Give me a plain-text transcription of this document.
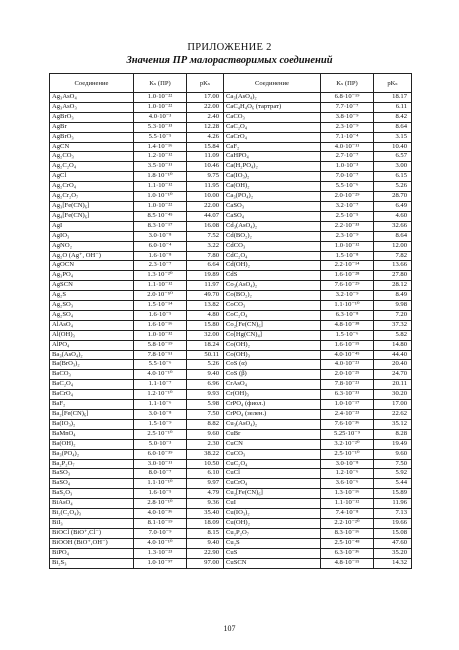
ПРИЛОЖЕНИЕ 2
Значения ПР малорастворимых соединений
Соединение	Kₛ (ПР)	pKₛ	Соединение	Kₛ (ПР)	pKₛ
Ag₃AsO₄	1.0·10⁻²²	17.00	Ca₃(AsO₄)₂	6.8·10⁻¹⁹	18.17
Ag₃AsO₃	1.0·10⁻²²	22.00	CaC₄H₄O₆ (тартрат)	7.7·10⁻⁷	6.11
AgBrO₃	4.0·10⁻³	2.40	CaCO₃	3.8·10⁻⁹	8.42
AgBr	5.3·10⁻¹³	12.28	CaC₂O₄	2.3·10⁻⁹	8.64
AgBrO₃	5.5·10⁻⁵	4.26	CaCrO₄	7.1·10⁻⁴	3.15
AgCN	1.4·10⁻¹⁶	15.84	CaF₂	4.0·10⁻¹¹	10.40
Ag₂CO₃	1.2·10⁻¹²	11.09	CaHPO₄	2.7·10⁻⁷	6.57
Ag₂C₂O₄	3.5·10⁻¹¹	10.46	Ca(H₂PO₄)₂	1.0·10⁻³	3.00
AgCl	1.8·10⁻¹⁰	9.75	Ca(IO₃)₂	7.0·10⁻⁷	6.15
Ag₂CrO₄	1.1·10⁻¹²	11.95	Ca(OH)₂	5.5·10⁻⁶	5.26
Ag₂Cr₂O₇	1.0·10⁻¹⁰	10.00	Ca₃(PO₄)₂	2.0·10⁻²⁹	28.70
Ag₃[Fe(CN)₆]	1.0·10⁻²²	22.00	CaSO₃	3.2·10⁻⁷	6.49
Ag₄[Fe(CN)₆]	8.5·10⁻⁴⁵	44.07	CaSO₄	2.5·10⁻⁵	4.60
AgI	8.3·10⁻¹⁷	16.08	Cd₃(AsO₄)₂	2.2·10⁻³³	32.66
AgIO₃	3.0·10⁻⁸	7.52	Cd(BO₂)₂	2.3·10⁻⁹	8.64
AgNO₂	6.0·10⁻⁴	3.22	CdCO₃	1.0·10⁻¹²	12.00
Ag₂O (Ag⁺, OH⁻)	1.6·10⁻⁸	7.80	CdC₂O₄	1.5·10⁻⁸	7.82
AgOCN	2.3·10⁻⁷	6.64	Cd(OH)₂	2.2·10⁻¹⁴	13.66
Ag₃PO₄	1.3·10⁻²⁰	19.89	CdS	1.6·10⁻²⁸	27.80
AgSCN	1.1·10⁻¹²	11.97	Co₃(AsO₄)₂	7.6·10⁻²⁹	28.12
Ag₂S	2.0·10⁻⁵⁰	49.70	Co(BO₂)₂	3.2·10⁻⁹	8.49
Ag₂SO₃	1.5·10⁻¹⁴	13.82	CoCO₃	1.1·10⁻¹⁰	9.98
Ag₂SO₄	1.6·10⁻⁵	4.80	CoC₂O₄	6.3·10⁻⁸	7.20
AlAsO₄	1.6·10⁻¹⁶	15.80	Co₂[Fe(CN)₆]	4.8·10⁻³⁸	37.32
Al(OH)₃	1.0·10⁻³²	32.00	Co[Hg(CN)₄]	1.5·10⁻⁶	5.82
AlPO₄	5.8·10⁻¹⁹	18.24	Co(OH)₂	1.6·10⁻¹⁵	14.80
Ba₃(AsO₄)₂	7.8·10⁻⁵¹	50.11	Co(OH)₃	4.0·10⁻⁴⁵	44.40
Ba(BrO₃)₂	5.5·10⁻⁶	5.26	CoS (α)	4.0·10⁻²¹	20.40
BaCO₃	4.0·10⁻¹⁰	9.40	CoS (β)	2.0·10⁻²⁵	24.70
BaC₂O₄	1.1·10⁻⁷	6.96	CrAsO₄	7.8·10⁻²¹	20.11
BaCrO₄	1.2·10⁻¹⁰	9.93	Cr(OH)₃	6.3·10⁻³¹	30.20
BaF₂	1.1·10⁻⁶	5.98	CrPO₄ (фиол.)	1.0·10⁻¹⁷	17.00
Ba₂[Fe(CN)₆]	3.0·10⁻⁸	7.50	CrPO₄ (зелен.)	2.4·10⁻²³	22.62
Ba(IO₃)₂	1.5·10⁻⁹	8.82	Cu₃(AsO₄)₂	7.6·10⁻³⁶	35.12
BaMnO₄	2.5·10⁻¹⁰	9.60	CuBr	5.25·10⁻⁹	8.28
Ba(OH)₂	5.0·10⁻³	2.30	CuCN	3.2·10⁻²⁰	19.49
Ba₃(PO₄)₂	6.0·10⁻³⁹	38.22	CuCO₃	2.5·10⁻¹⁰	9.60
Ba₂P₂O₇	3.0·10⁻¹¹	10.50	CuC₂O₄	3.0·10⁻⁸	7.50
BaSO₃	8.0·10⁻⁷	6.10	CuCl	1.2·10⁻⁶	5.92
BaSO₄	1.1·10⁻¹⁰	9.97	CuCrO₄	3.6·10⁻⁶	5.44
BaS₂O₃	1.6·10⁻⁵	4.79	Cu₂[Fe(CN)₆]	1.3·10⁻¹⁶	15.89
BiAsO₄	2.8·10⁻¹⁰	9.36	CuI	1.1·10⁻¹²	11.96
Bi₂(C₂O₄)₃	4.0·10⁻³⁶	35.40	Cu(IO₃)₂	7.4·10⁻⁸	7.13
BiI₃	8.1·10⁻¹⁹	18.09	Cu(OH)₂	2.2·10⁻²⁰	19.66
BiOCl (BiO⁺,Cl⁻)	7.0·10⁻⁹	8.15	Cu₂P₂O₇	8.3·10⁻¹⁶	15.08
BiOOH (BiO⁺,OH⁻)	4.0·10⁻¹⁰	9.40	Cu₂S	2.5·10⁻⁴⁸	47.60
BiPO₄	1.3·10⁻²³	22.90	CuS	6.3·10⁻³⁶	35.20
Bi₂S₃	1.0·10⁻⁹⁷	97.00	CuSCN	4.8·10⁻¹⁵	14.32
107
